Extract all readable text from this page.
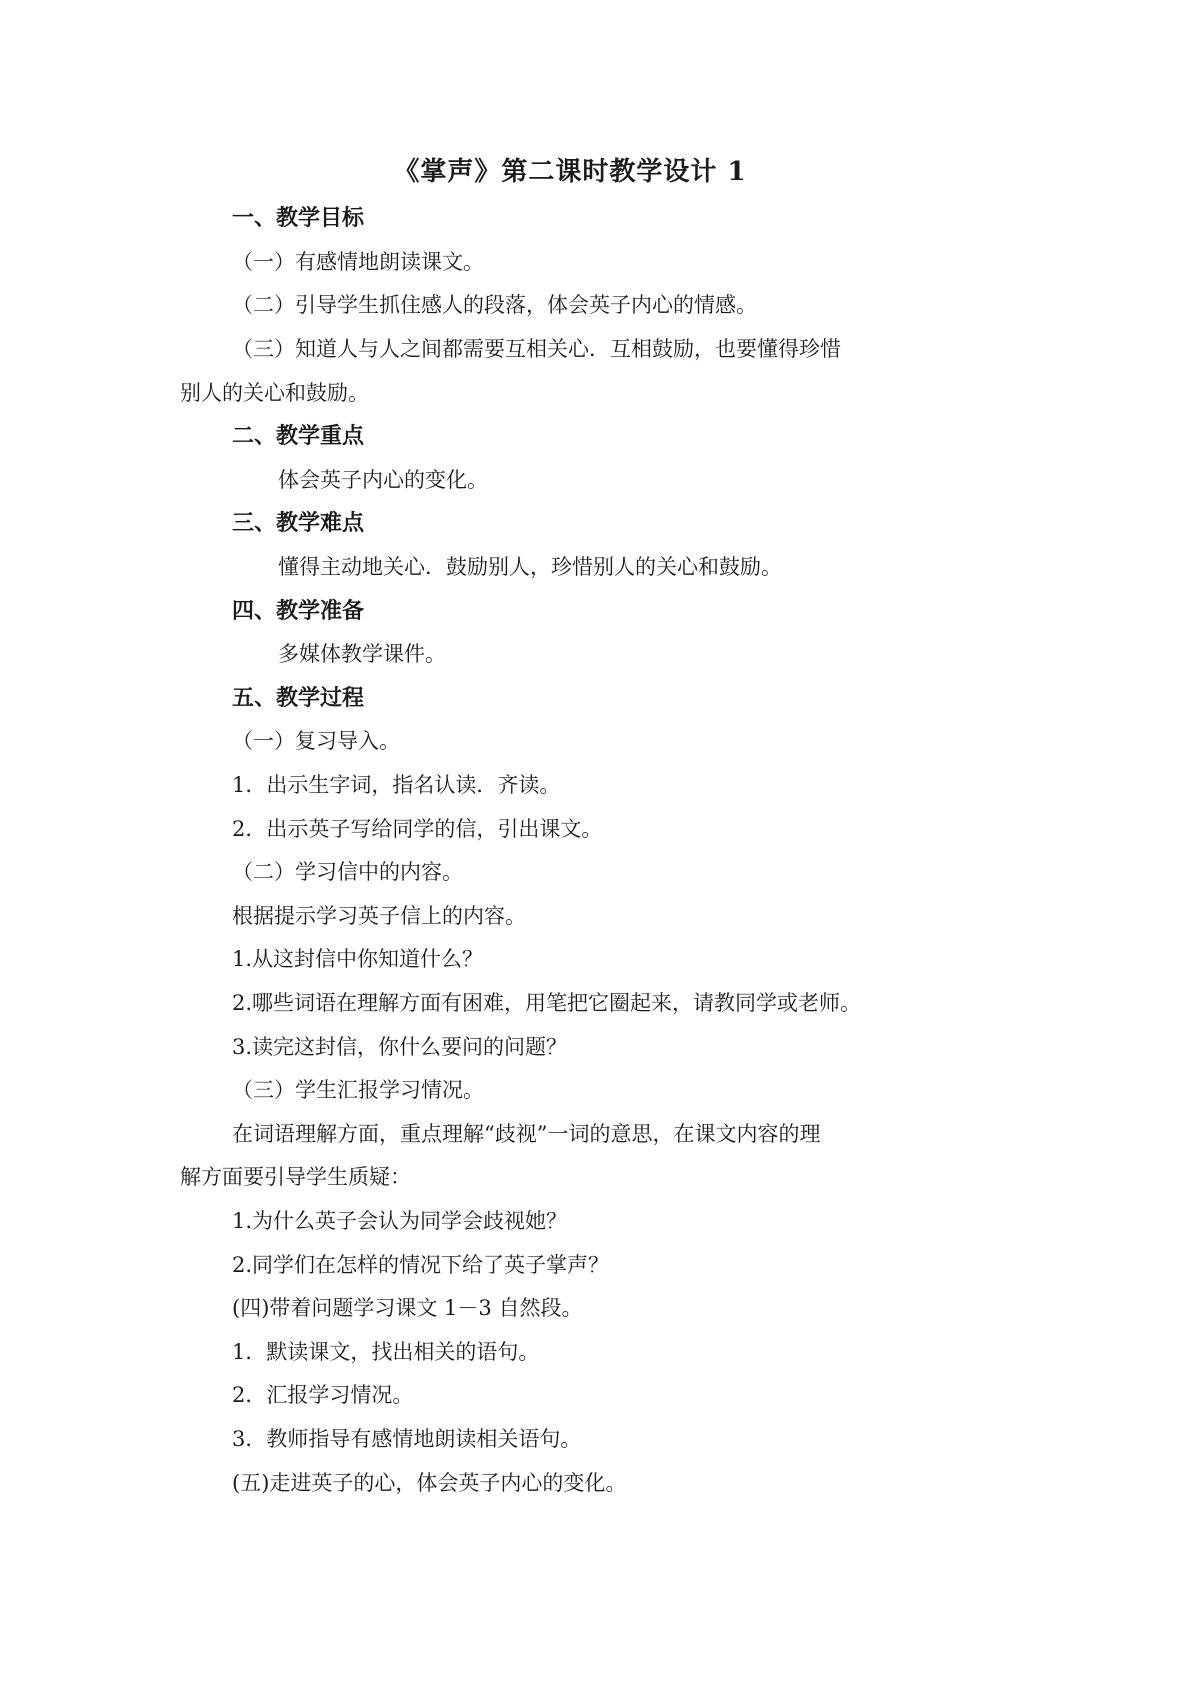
《掌声》第二课时教学设计 1
一、教学目标
（一）有感情地朗读课文。
（二）引导学生抓住感人的段落，体会英子内心的情感。
（三）知道人与人之间都需要互相关心．互相鼓励，也要懂得珍惜
别人的关心和鼓励。
二、教学重点
体会英子内心的变化。
三、教学难点
懂得主动地关心．鼓励别人，珍惜别人的关心和鼓励。
四、教学准备
多媒体教学课件。
五、教学过程
（一）复习导入。
1．出示生字词，指名认读．齐读。
2．出示英子写给同学的信，引出课文。
（二）学习信中的内容。
根据提示学习英子信上的内容。
1.从这封信中你知道什么？
2.哪些词语在理解方面有困难，用笔把它圈起来，请教同学或老师。
3.读完这封信，你什么要问的问题？
（三）学生汇报学习情况。
在词语理解方面，重点理解“歧视”一词的意思，在课文内容的理
解方面要引导学生质疑：
1.为什么英子会认为同学会歧视她？
2.同学们在怎样的情况下给了英子掌声？
(四)带着问题学习课文 1－3 自然段。
1．默读课文，找出相关的语句。
2．汇报学习情况。
3．教师指导有感情地朗读相关语句。
(五)走进英子的心，体会英子内心的变化。
